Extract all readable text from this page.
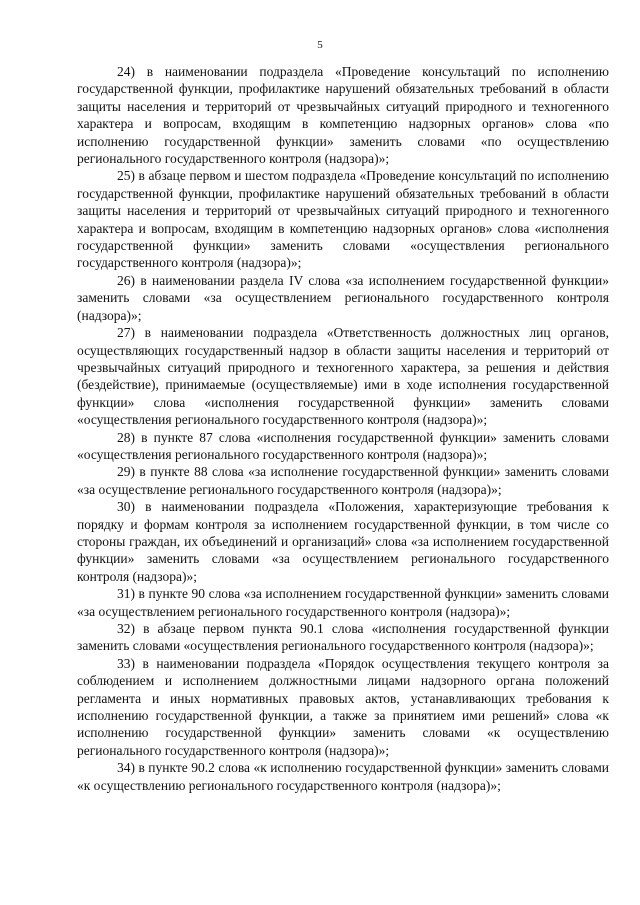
5

24) в наименовании подраздела «Проведение консультаций по исполнению государственной функции, профилактике нарушений обязательных требований в области защиты населения и территорий от чрезвычайных ситуаций природного и техногенного характера и вопросам, входящим в компетенцию надзорных органов» слова «по исполнению государственной функции» заменить словами «по осуществлению регионального государственного контроля (надзора)»;

25) в абзаце первом и шестом подраздела «Проведение консультаций по исполнению государственной функции, профилактике нарушений обязательных требований в области защиты населения и территорий от чрезвычайных ситуаций природного и техногенного характера и вопросам, входящим в компетенцию надзорных органов» слова «исполнения государственной функции» заменить словами «осуществления регионального государственного контроля (надзора)»;

26) в наименовании раздела IV слова «за исполнением государственной функции» заменить словами «за осуществлением регионального государственного контроля (надзора)»;

27) в наименовании подраздела «Ответственность должностных лиц органов, осуществляющих государственный надзор в области защиты населения и территорий от чрезвычайных ситуаций природного и техногенного характера, за решения и действия (бездействие), принимаемые (осуществляемые) ими в ходе исполнения государственной функции» слова «исполнения государственной функции» заменить словами «осуществления регионального государственного контроля (надзора)»;

28) в пункте 87 слова «исполнения государственной функции» заменить словами «осуществления регионального государственного контроля (надзора)»;

29) в пункте 88 слова «за исполнение государственной функции» заменить словами «за осуществление регионального государственного контроля (надзора)»;

30) в наименовании подраздела «Положения, характеризующие требования к порядку и формам контроля за исполнением государственной функции, в том числе со стороны граждан, их объединений и организаций» слова «за исполнением государственной функции» заменить словами «за осуществлением регионального государственного контроля (надзора)»;

31) в пункте 90 слова «за исполнением государственной функции» заменить словами «за осуществлением регионального государственного контроля (надзора)»;

32) в абзаце первом пункта 90.1 слова «исполнения государственной функции заменить словами «осуществления регионального государственного контроля (надзора)»;

33) в наименовании подраздела «Порядок осуществления текущего контроля за соблюдением и исполнением должностными лицами надзорного органа положений регламента и иных нормативных правовых актов, устанавливающих требования к исполнению государственной функции, а также за принятием ими решений» слова «к исполнению государственной функции» заменить словами «к осуществлению регионального государственного контроля (надзора)»;

34) в пункте 90.2 слова «к исполнению государственной функции» заменить словами «к осуществлению регионального государственного контроля (надзора)»;
